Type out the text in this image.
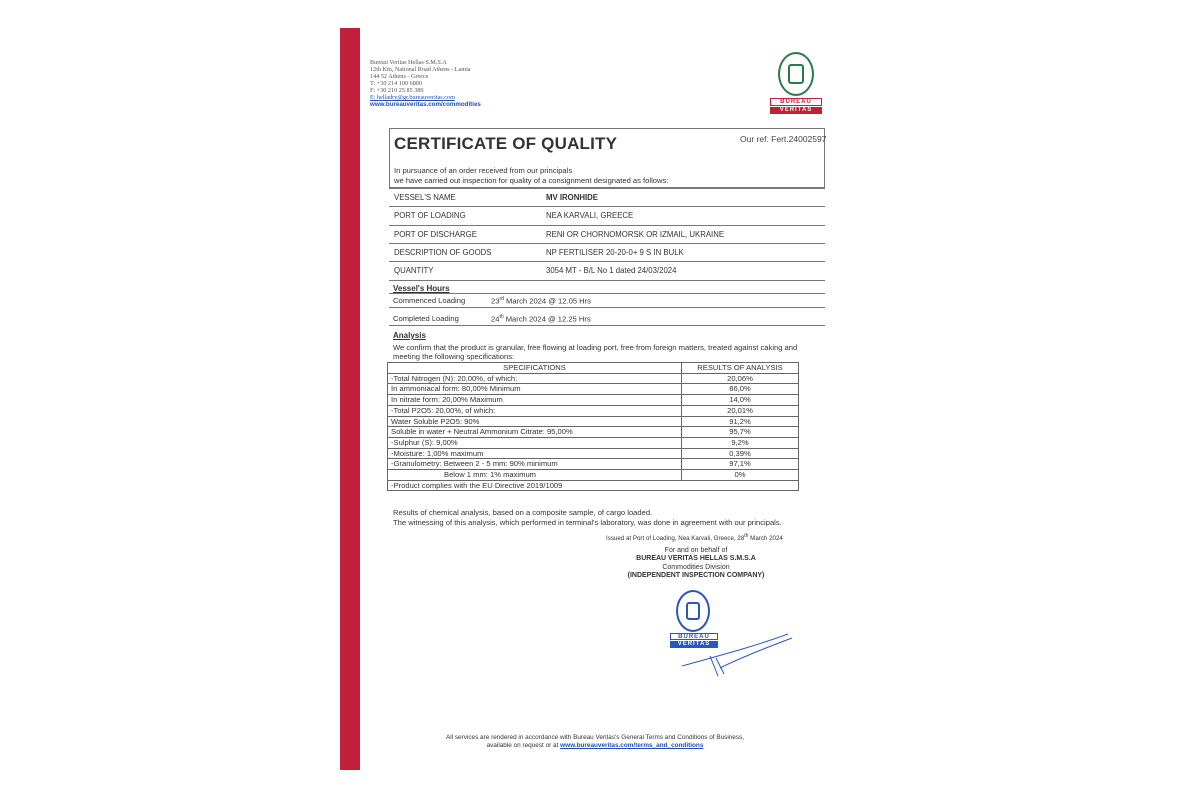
Bureau Veritas Hellas S.M.S.A
12th Km, National Road Athens - Lamia
144 52 Athens - Greece
T: +30 214 100 6800
F: +30 210 25 85 389
E: helladry@gr.bureauveritas.com
www.bureauveritas.com/commodities	BUREAU
VERITAS
CERTIFICATE OF QUALITY	Our ref. Fert.24002597
In pursuance of an order received from our principals
we have carried out inspection for quality of a consignment designated as follows:
VESSEL'S NAME	MV IRONHIDE
PORT OF LOADING	NEA KARVALI, GREECE
PORT OF DISCHARGE	RENI OR CHORNOMORSK OR IZMAIL, UKRAINE
DESCRIPTION OF GOODS	NP FERTILISER 20-20-0+ 9 S IN BULK
QUANTITY	3054 MT - B/L No 1 dated 24/03/2024
Vessel's Hours
Commenced Loading	23rd March 2024 @ 12.05 Hrs
Completed Loading	24th March 2024 @ 12.25 Hrs
Analysis
We confirm that the product is granular, free flowing at loading port, free from foreign matters, treated against caking and meeting the following specifications:
SPECIFICATIONS	RESULTS OF ANALYSIS
-Total Nitrogen (N): 20,00%, of which:	20,06%
In ammoniacal form: 80,00% Minimum	86,0%
In nitrate form: 20,00% Maximum	14,0%
-Total P2O5: 20,00%, of which:	20,01%
Water Soluble P2O5: 90%	91,2%
Soluble in water + Neutral Ammonium Citrate: 95,00%	95,7%
-Sulphur (S): 9,00%	9,2%
-Moisture: 1,00% maximum	0,39%
-Granulometry: Between 2 - 5 mm: 90% minimum	97,1%
Below 1 mm: 1% maximum	0%
-Product complies with the EU Directive 2019/1009	
Results of chemical analysis, based on a composite sample, of cargo loaded.
The witnessing of this analysis, which performed in terminal's laboratory, was done in agreement with our principals.
Issued at Port of Loading, Nea Karvali, Greece, 28th March 2024
For and on behalf of
BUREAU VERITAS HELLAS S.M.S.A
Commodities Division
(INDEPENDENT INSPECTION COMPANY)
BUREAU
VERITAS
All services are rendered in accordance with Bureau Veritas's General Terms and Conditions of Business,
available on request or at www.bureauveritas.com/terms_and_conditions
